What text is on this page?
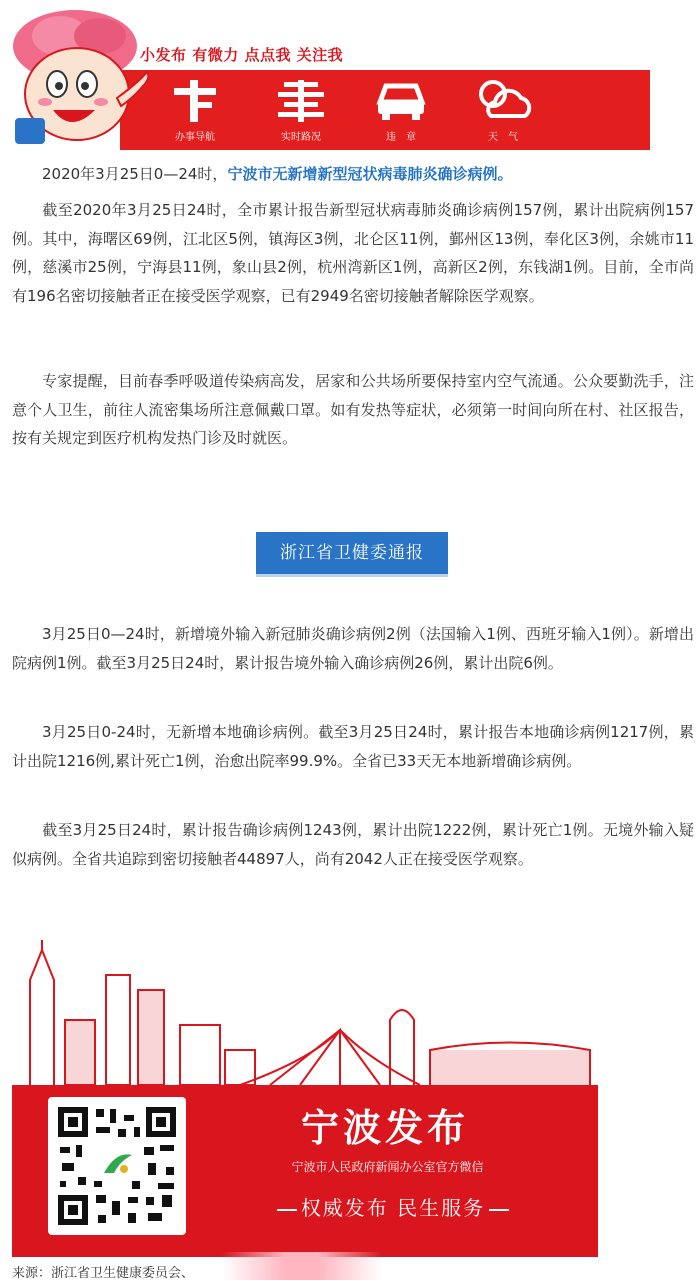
小发布 有微力 点点我 关注我
办事导航	实时路况	违　章	天　气

2020年3月25日0—24时，宁波市无新增新型冠状病毒肺炎确诊病例。

截至2020年3月25日24时，全市累计报告新型冠状病毒肺炎确诊病例157例，累计出院病例157例。其中，海曙区69例，江北区5例，镇海区3例，北仑区11例，鄞州区13例，奉化区3例，余姚市11例，慈溪市25例，宁海县11例，象山县2例，杭州湾新区1例，高新区2例，东钱湖1例。目前，全市尚有196名密切接触者正在接受医学观察，已有2949名密切接触者解除医学观察。

专家提醒，目前春季呼吸道传染病高发，居家和公共场所要保持室内空气流通。公众要勤洗手，注意个人卫生，前往人流密集场所注意佩戴口罩。如有发热等症状，必须第一时间向所在村、社区报告，按有关规定到医疗机构发热门诊及时就医。

浙江省卫健委通报

3月25日0—24时，新增境外输入新冠肺炎确诊病例2例（法国输入1例、西班牙输入1例）。新增出院病例1例。截至3月25日24时，累计报告境外输入确诊病例26例，累计出院6例。

3月25日0-24时，无新增本地确诊病例。截至3月25日24时，累计报告本地确诊病例1217例，累计出院1216例,累计死亡1例，治愈出院率99.9%。全省已33天无本地新增确诊病例。

截至3月25日24时，累计报告确诊病例1243例，累计出院1222例，累计死亡1例。无境外输入疑似病例。全省共追踪到密切接触者44897人，尚有2042人正在接受医学观察。

宁波发布
宁波市人民政府新闻办公室官方微信
权威发布 民生服务
来源：浙江省卫生健康委员会、
